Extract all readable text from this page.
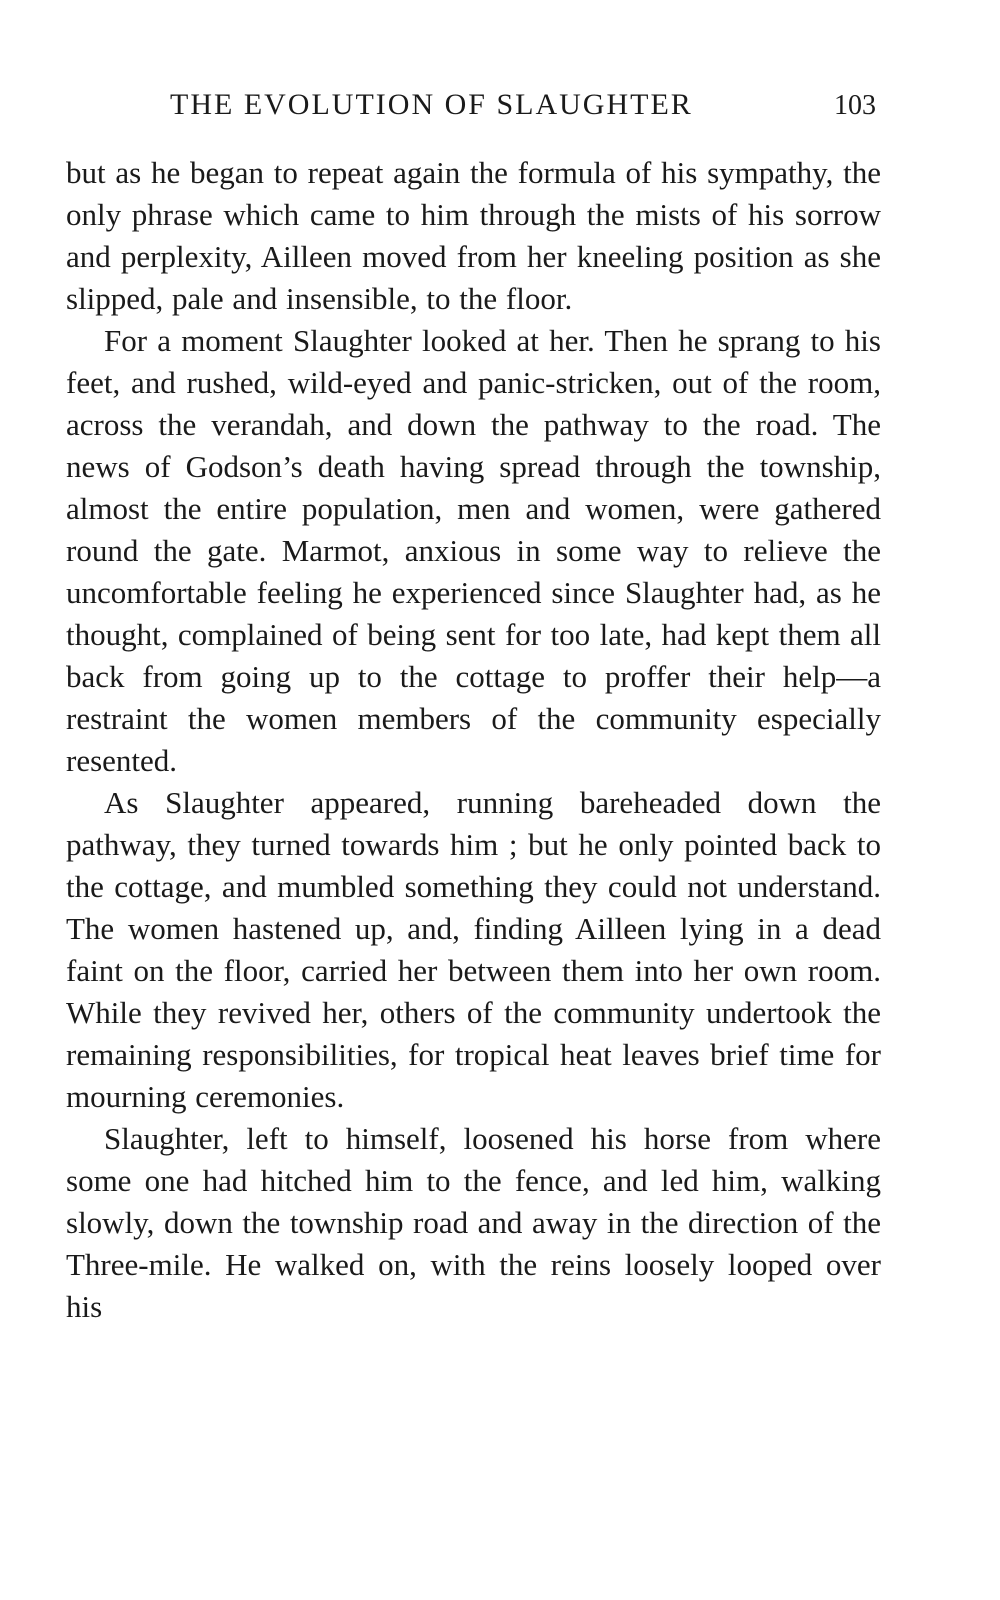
THE EVOLUTION OF SLAUGHTER	103

but as he began to repeat again the formula of his sympathy, the only phrase which came to him through the mists of his sorrow and perplexity, Ailleen moved from her kneeling position as she slipped, pale and insensible, to the floor.

For a moment Slaughter looked at her. Then he sprang to his feet, and rushed, wild-eyed and panic-stricken, out of the room, across the verandah, and down the pathway to the road. The news of Godson’s death having spread through the township, almost the entire population, men and women, were gathered round the gate. Marmot, anxious in some way to relieve the uncomfortable feeling he experienced since Slaughter had, as he thought, complained of being sent for too late, had kept them all back from going up to the cottage to proffer their help—a restraint the women members of the community especially resented.

As Slaughter appeared, running bareheaded down the pathway, they turned towards him ; but he only pointed back to the cottage, and mumbled something they could not understand. The women hastened up, and, finding Ailleen lying in a dead faint on the floor, carried her between them into her own room. While they revived her, others of the community undertook the remaining responsibilities, for tropical heat leaves brief time for mourning ceremonies.

Slaughter, left to himself, loosened his horse from where some one had hitched him to the fence, and led him, walking slowly, down the township road and away in the direction of the Three-mile. He walked on, with the reins loosely looped over his
